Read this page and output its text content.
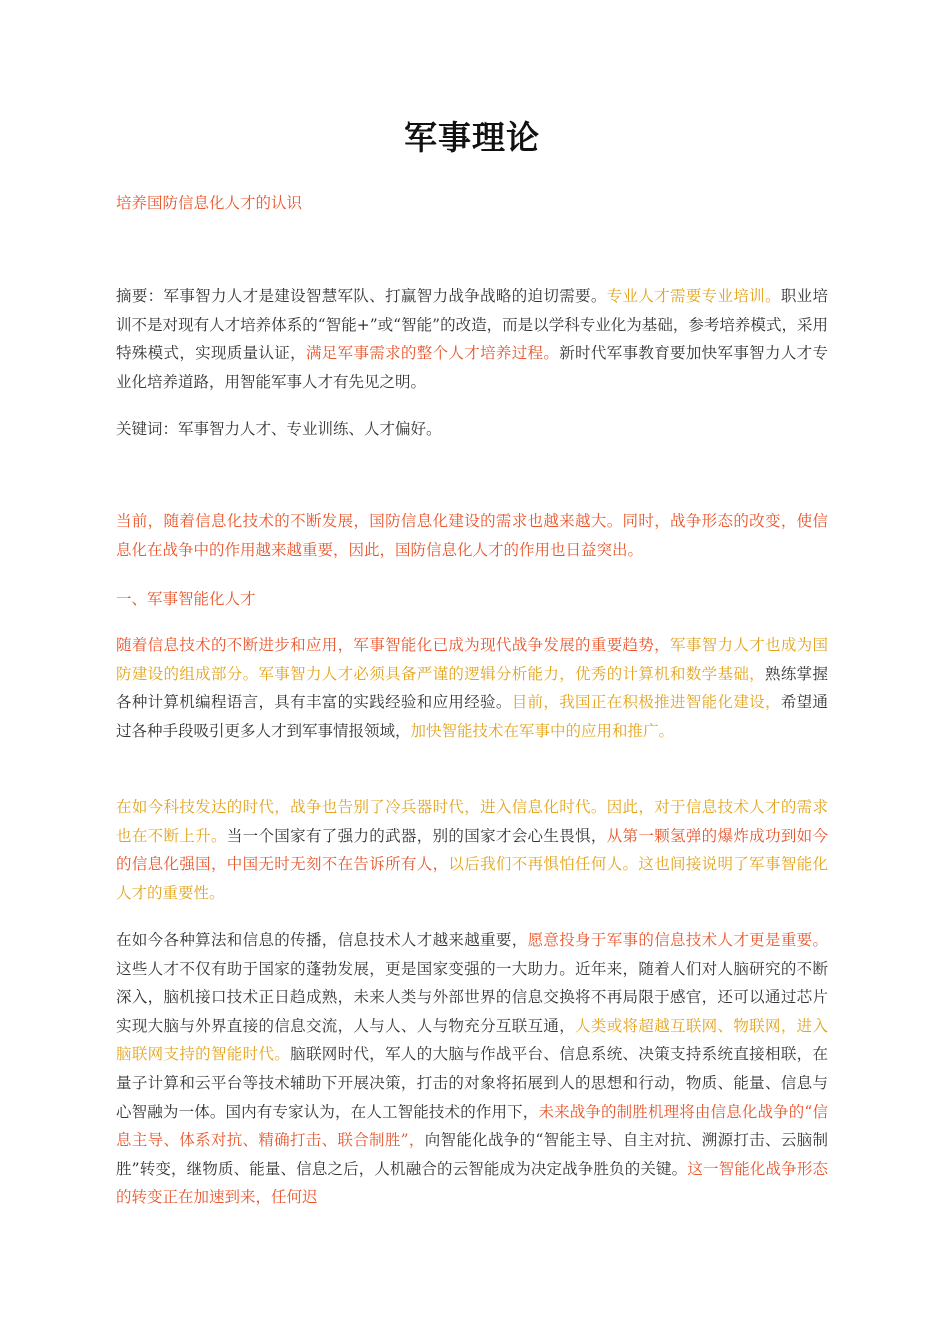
军事理论
培养国防信息化人才的认识

摘要：军事智力人才是建设智慧军队、打赢智力战争战略的迫切需要。专业人才需要专业培训。职业培训不是对现有人才培养体系的“智能+”或“智能”的改造，而是以学科专业化为基础，参考培养模式，采用特殊模式，实现质量认证，满足军事需求的整个人才培养过程。新时代军事教育要加快军事智力人才专业化培养道路，用智能军事人才有先见之明。

关键词：军事智力人才、专业训练、人才偏好。

当前，随着信息化技术的不断发展，国防信息化建设的需求也越来越大。同时，战争形态的改变，使信息化在战争中的作用越来越重要，因此，国防信息化人才的作用也日益突出。

一、军事智能化人才

随着信息技术的不断进步和应用，军事智能化已成为现代战争发展的重要趋势，军事智力人才也成为国防建设的组成部分。军事智力人才必须具备严谨的逻辑分析能力，优秀的计算机和数学基础，熟练掌握各种计算机编程语言，具有丰富的实践经验和应用经验。目前，我国正在积极推进智能化建设，希望通过各种手段吸引更多人才到军事情报领域，加快智能技术在军事中的应用和推广。

在如今科技发达的时代，战争也告别了冷兵器时代，进入信息化时代。因此，对于信息技术人才的需求也在不断上升。当一个国家有了强力的武器，别的国家才会心生畏惧，从第一颗氢弹的爆炸成功到如今的信息化强国，中国无时无刻不在告诉所有人，以后我们不再惧怕任何人。这也间接说明了军事智能化人才的重要性。

在如今各种算法和信息的传播，信息技术人才越来越重要，愿意投身于军事的信息技术人才更是重要。这些人才不仅有助于国家的蓬勃发展，更是国家变强的一大助力。近年来，随着人们对人脑研究的不断深入，脑机接口技术正日趋成熟，未来人类与外部世界的信息交换将不再局限于感官，还可以通过芯片实现大脑与外界直接的信息交流，人与人、人与物充分互联互通，人类或将超越互联网、物联网，进入脑联网支持的智能时代。脑联网时代，军人的大脑与作战平台、信息系统、决策支持系统直接相联，在量子计算和云平台等技术辅助下开展决策，打击的对象将拓展到人的思想和行动，物质、能量、信息与心智融为一体。国内有专家认为，在人工智能技术的作用下，未来战争的制胜机理将由信息化战争的“信息主导、体系对抗、精确打击、联合制胜”，向智能化战争的“智能主导、自主对抗、溯源打击、云脑制胜”转变，继物质、能量、信息之后，人机融合的云智能成为决定战争胜负的关键。这一智能化战争形态的转变正在加速到来，任何迟
